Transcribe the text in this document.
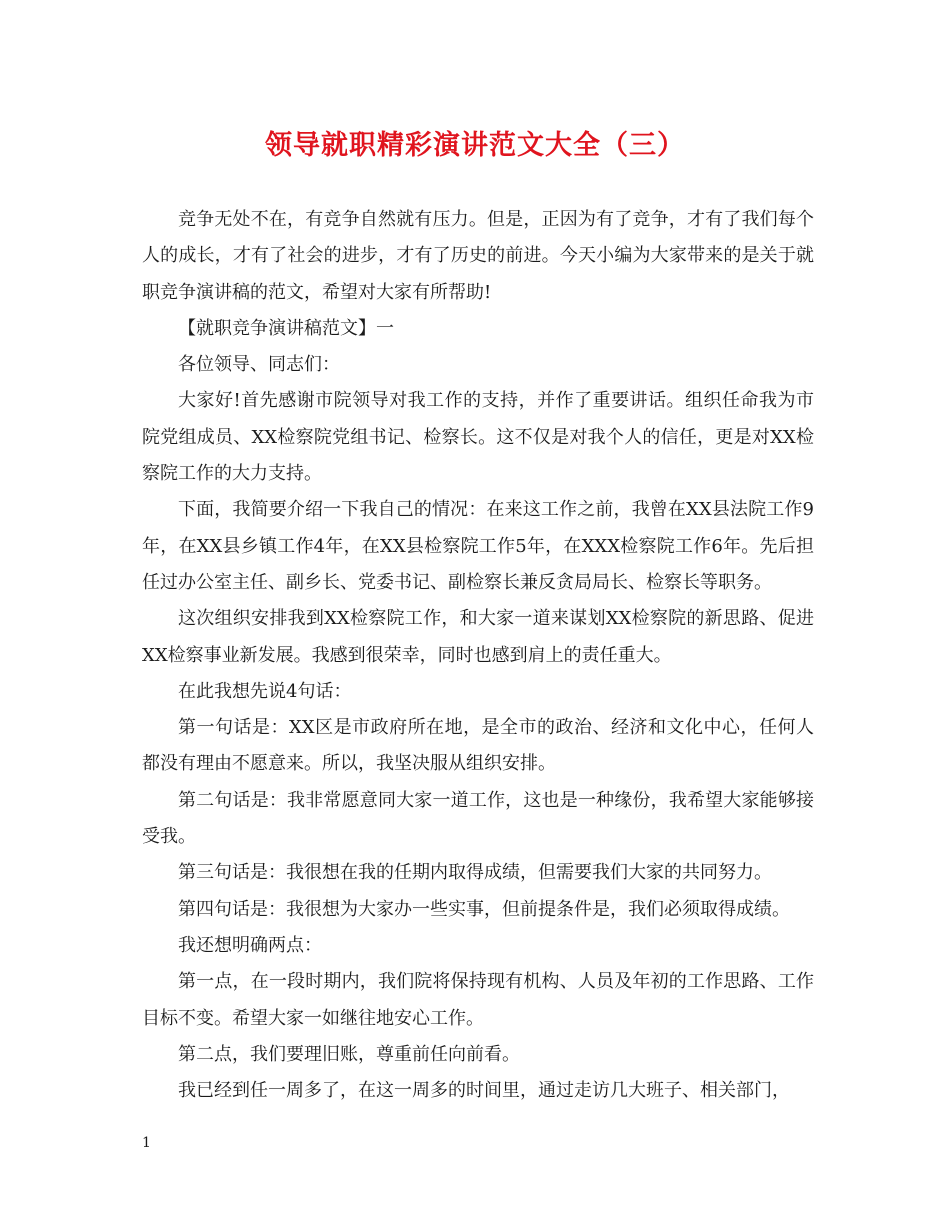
领导就职精彩演讲范文大全（三）

竞争无处不在，有竞争自然就有压力。但是，正因为有了竞争，才有了我们每个人的成长，才有了社会的进步，才有了历史的前进。今天小编为大家带来的是关于就职竞争演讲稿的范文，希望对大家有所帮助!

【就职竞争演讲稿范文】一

各位领导、同志们：

大家好!首先感谢市院领导对我工作的支持，并作了重要讲话。组织任命我为市院党组成员、XX检察院党组书记、检察长。这不仅是对我个人的信任，更是对XX检察院工作的大力支持。

下面，我简要介绍一下我自己的情况：在来这工作之前，我曾在XX县法院工作9年，在XX县乡镇工作4年，在XX县检察院工作5年，在XXX检察院工作6年。先后担任过办公室主任、副乡长、党委书记、副检察长兼反贪局局长、检察长等职务。

这次组织安排我到XX检察院工作，和大家一道来谋划XX检察院的新思路、促进XX检察事业新发展。我感到很荣幸，同时也感到肩上的责任重大。

在此我想先说4句话：

第一句话是：XX区是市政府所在地，是全市的政治、经济和文化中心，任何人都没有理由不愿意来。所以，我坚决服从组织安排。

第二句话是：我非常愿意同大家一道工作，这也是一种缘份，我希望大家能够接受我。

第三句话是：我很想在我的任期内取得成绩，但需要我们大家的共同努力。

第四句话是：我很想为大家办一些实事，但前提条件是，我们必须取得成绩。

我还想明确两点：

第一点，在一段时期内，我们院将保持现有机构、人员及年初的工作思路、工作目标不变。希望大家一如继往地安心工作。

第二点，我们要理旧账，尊重前任向前看。

我已经到任一周多了，在这一周多的时间里，通过走访几大班子、相关部门，

1
